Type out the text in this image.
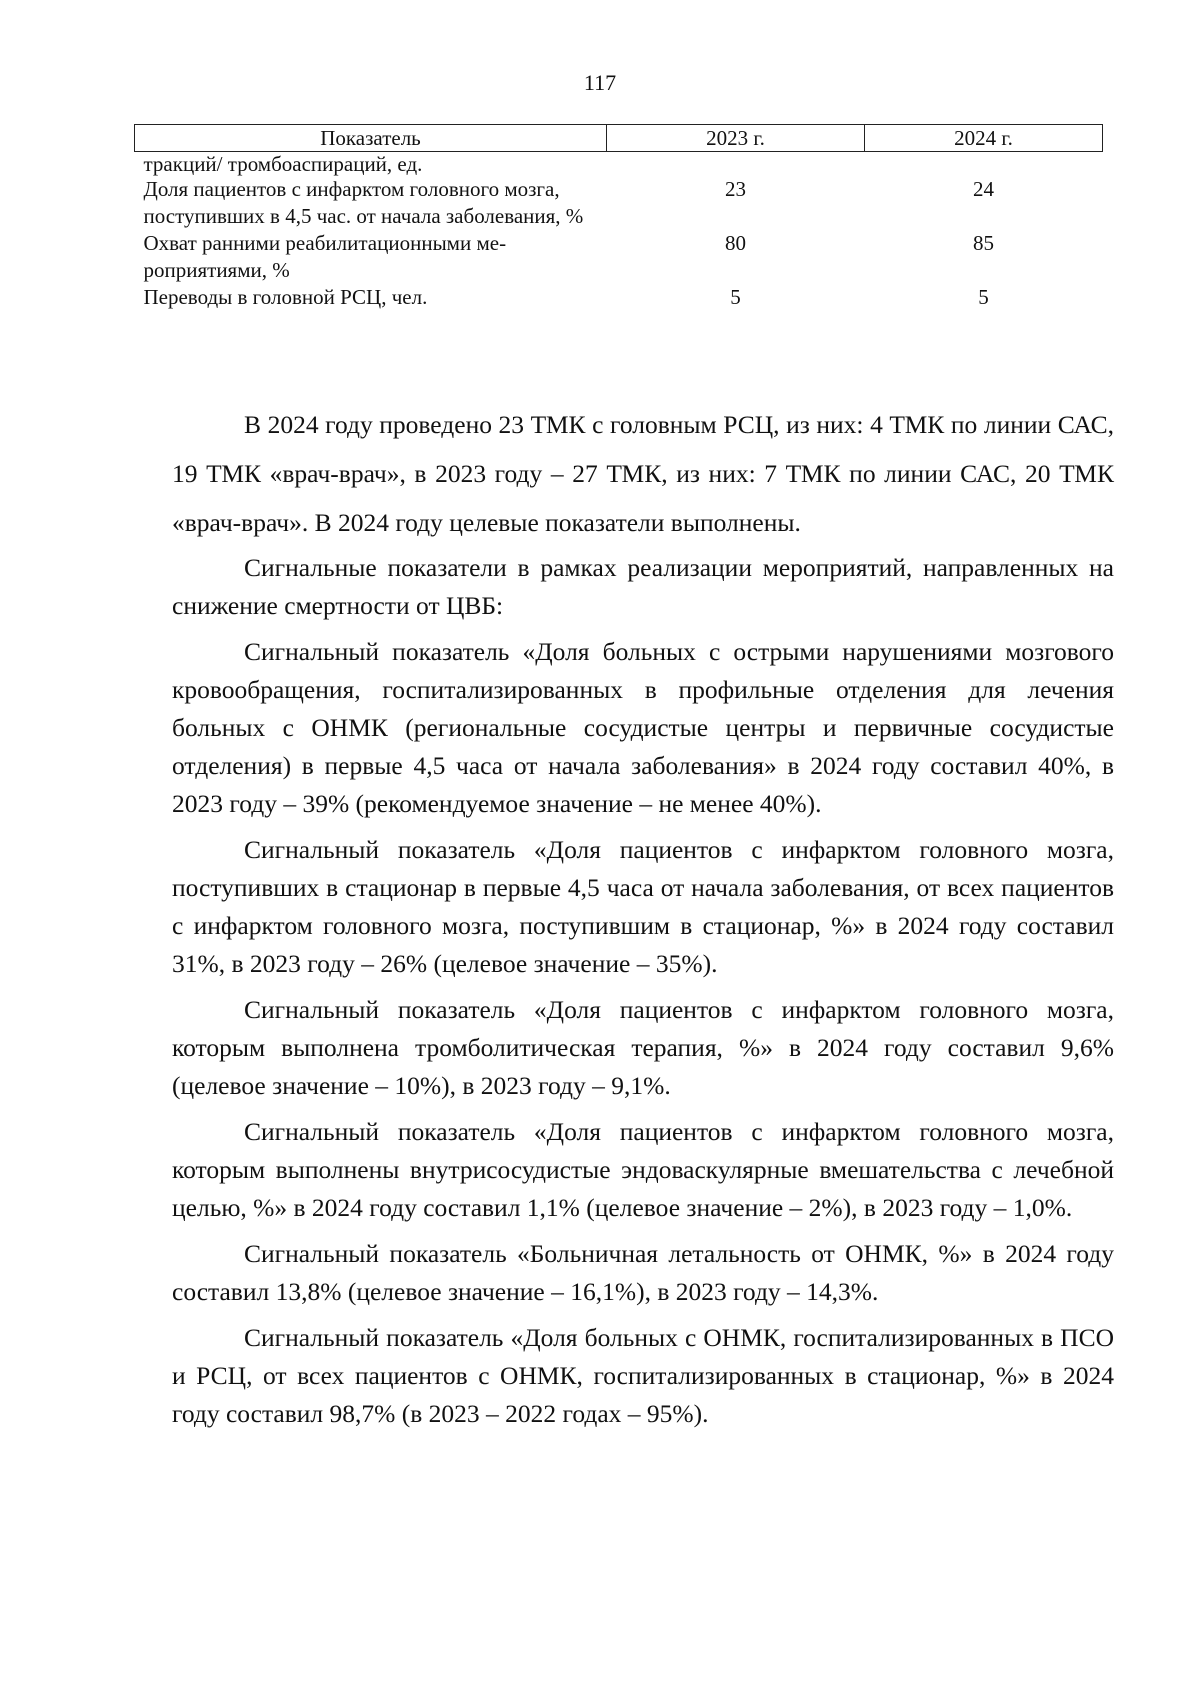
117
Показатель	2023 г.	2024 г.
тракций/ тромбоаспираций, ед.		
Доля пациентов с инфарктом головного мозга, поступивших в 4,5 час. от начала заболевания, %	23	24
Охват ранними реабилитационными ме-роприятиями, %	80	85
Переводы в головной РСЦ, чел.	5	5

В 2024 году проведено 23 ТМК с головным РСЦ, из них: 4 ТМК по линии САС, 19 ТМК «врач-врач», в 2023 году – 27 ТМК, из них: 7 ТМК по линии САС, 20 ТМК «врач-врач». В 2024 году целевые показатели выполнены.

Сигнальные показатели в рамках реализации мероприятий, направленных на снижение смертности от ЦВБ:

Сигнальный показатель «Доля больных с острыми нарушениями мозгового кровообращения, госпитализированных в профильные отделения для лечения больных с ОНМК (региональные сосудистые центры и первичные сосудистые отделения) в первые 4,5 часа от начала заболевания» в 2024 году составил 40%, в 2023 году – 39% (рекомендуемое значение – не менее 40%).

Сигнальный показатель «Доля пациентов с инфарктом головного мозга, поступивших в стационар в первые 4,5 часа от начала заболевания, от всех пациентов с инфарктом головного мозга, поступившим в стационар, %» в 2024 году составил 31%, в 2023 году – 26% (целевое значение – 35%).

Сигнальный показатель «Доля пациентов с инфарктом головного мозга, которым выполнена тромболитическая терапия, %» в 2024 году составил 9,6% (целевое значение – 10%), в 2023 году – 9,1%.

Сигнальный показатель «Доля пациентов с инфарктом головного мозга, которым выполнены внутрисосудистые эндоваскулярные вмешательства с лечебной целью, %» в 2024 году составил 1,1% (целевое значение – 2%), в 2023 году – 1,0%.

Сигнальный показатель «Больничная летальность от ОНМК, %» в 2024 году составил 13,8% (целевое значение – 16,1%), в 2023 году – 14,3%.

Сигнальный показатель «Доля больных с ОНМК, госпитализированных в ПСО и РСЦ, от всех пациентов с ОНМК, госпитализированных в стационар, %» в 2024 году составил 98,7% (в 2023 – 2022 годах – 95%).
